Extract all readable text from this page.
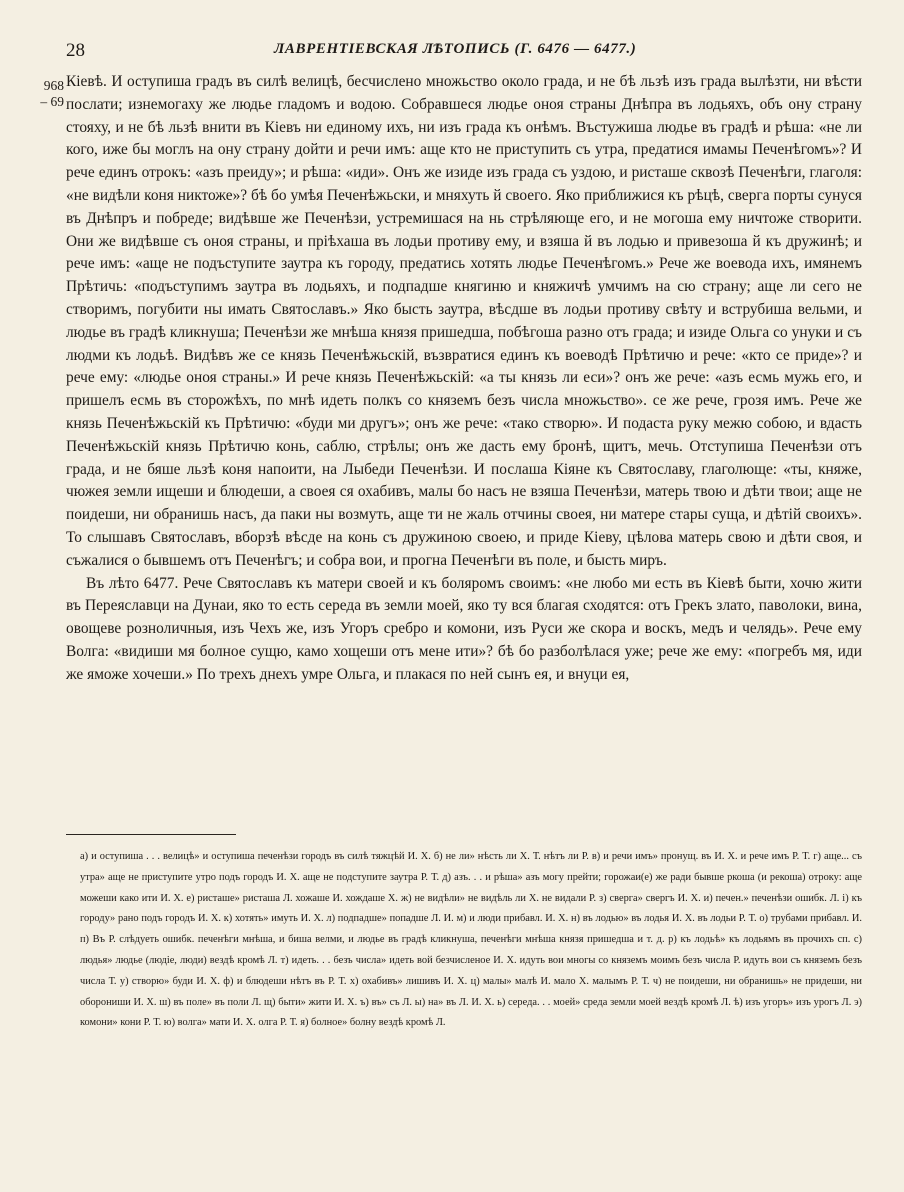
28	ЛАВРЕНТІЕВСКАЯ ЛѢТОПИСЬ (Г. 6476 — 6477.)
968
– 69

Кіевѣ. И оступиша градъ въ силѣ велицѣ, бесчислено множьство около града, и не бѣ льзѣ изъ града вылѣзти, ни вѣсти послати; изнемогаху же людье гладомъ и водою. Собравшеся людье оноя страны Днѣпра въ лодьяхъ, объ ону страну стояху, и не бѣ льзѣ внити въ Кіевъ ни единому ихъ, ни изъ града къ онѣмъ. Въстужиша людье въ градѣ и рѣша: «не ли кого, иже бы моглъ на ону страну дойти и речи имъ: аще кто не приступить съ утра, предатися имамы Печенѣгомъ»? И рече единъ отрокъ: «азъ преиду»; и рѣша: «иди». Онъ же изиде изъ града съ уздою, и ристаше сквозѣ Печенѣги, глаголя: «не видѣли коня никтоже»? бѣ бо умѣя Печенѣжьски, и мняхуть й своего. Яко приближися къ рѣцѣ, сверга порты сунуся въ Днѣпръ и побреде; видѣвше же Печенѣзи, устремишася на нь стрѣляюще его, и не могоша ему ничтоже створити. Они же видѣвше съ оноя страны, и пріѣхаша въ лодьи противу ему, и взяша й въ лодью и привезоша й къ дружинѣ; и рече имъ: «аще не подъступите заутра къ городу, предатись хотять людье Печенѣгомъ.» Рече же воевода ихъ, имянемъ Прѣтичь: «подъступимъ заутра въ лодьяхъ, и подпадше княгиню и княжичѣ умчимъ на сю страну; аще ли сего не створимъ, погубити ны имать Святославъ.» Яко бысть заутра, вѣсдше въ лодьи противу свѣту и вструбиша вельми, и людье въ градѣ кликнуша; Печенѣзи же мнѣша князя пришедша, побѣгоша разно отъ града; и изиде Ольга со унуки и съ людми къ лодьѣ. Видѣвъ же се князь Печенѣжьскій, възвратися единъ къ воеводѣ Прѣтичю и рече: «кто се приде»? и рече ему: «людье оноя страны.» И рече князь Печенѣжьскій: «а ты князь ли еси»? онъ же рече: «азъ есмь мужь его, и пришелъ есмь въ сторожѣхъ, по мнѣ идеть полкъ со княземъ безъ числа множьство». се же рече, грозя имъ. Рече же князь Печенѣжьскій къ Прѣтичю: «буди ми другъ»; онъ же рече: «тако створю». И подаста руку межю собою, и вдасть Печенѣжьскій князь Прѣтичю конь, саблю, стрѣлы; онъ же дасть ему бронѣ, щитъ, мечь. Отступиша Печенѣзи отъ града, и не бяше льзѣ коня напоити, на Лыбеди Печенѣзи. И послаша Кіяне къ Святославу, глаголюще: «ты, княже, чюжея земли ищеши и блюдеши, а своея ся охабивъ, малы бо насъ не взяша Печенѣзи, матерь твою и дѣти твои; аще не поидеши, ни обранишь насъ, да паки ны возмуть, аще ти не жаль отчины своея, ни матере стары суща, и дѣтій своихъ». То слышавъ Святославъ, вборзѣ вѣсде на конь съ дружиною своею, и приде Кіеву, цѣлова матерь свою и дѣти своя, и съжалися о бывшемъ отъ Печенѣгъ; и собра вои, и прогна Печенѣги въ поле, и бысть миръ.

Въ лѣто 6477. Рече Святославъ къ матери своей и къ боляромъ своимъ: «не любо ми есть въ Кіевѣ быти, хочю жити въ Переяславци на Дунаи, яко то есть середа въ земли моей, яко ту вся благая сходятся: отъ Грекъ злато, паволоки, вина, овощеве розноличныя, изъ Чехъ же, изъ Угоръ сребро и комони, изъ Руси же скора и воскъ, медъ и челядь». Рече ему Волга: «видиши мя болное сущю, камо хощеши отъ мене ити»? бѣ бо разболѣлася уже; рече же ему: «погребъ мя, иди же яможе хочеши.» По трехъ днехъ умре Ольга, и плакася по ней сынъ ея, и внуци ея,

а) и оступиша . . . велицѣ» и оступиша печенѣзи городъ въ силѣ тяжцѣй И. Х. б) не ли» нѣсть ли Х. Т. нѣтъ ли Р. в) и речи имъ» пронущ. въ И. Х. и рече имъ Р. Т. г) аще... съ утра» аще не приступите утро подъ городъ И. Х. аще не подступите заутра Р. Т. д) азъ. . . и рѣша» азъ могу прейти; горожаи(е) же ради бывше ркоша (и рекоша) отроку: аще можеши како ити И. Х. е) ристаше» ристаша Л. хожаше И. хождаше Х. ж) не видѣли» не видѣль ли Х. не видали Р. з) сверга» свергъ И. Х. и) печен.» печенѣзи ошибк. Л. і) къ городу» рано подъ городъ И. Х. к) хотять» имуть И. Х. л) подпадше» попадше Л. И. м) и люди прибавл. И. Х. н) въ лодью» въ лодья И. Х. въ лодьи Р. Т. о) трубами прибавл. И. п) Въ Р. слѣдуеть ошибк. печенѣги мнѣша, и биша велми, и людье въ градѣ кликнуша, печенѣги мнѣша князя пришедша и т. д. р) къ лодьѣ» къ лодьямъ въ прочихъ сп. с) людья» людье (людіе, люди) вездѣ кромѣ Л. т) идеть. . . безъ числа» идеть вой безчисленое И. Х. идуть вои многы со княземъ моимъ безъ числа Р. идуть вои съ княземъ безъ числа Т. у) створю» буди И. Х. ф) и блюдеши нѣтъ въ Р. Т. х) охабивъ» лишивъ И. Х. ц) малы» малѣ И. мало Х. малымъ Р. Т. ч) не поидеши, ни обранишь» не придеши, ни оборониши И. Х. ш) въ поле» въ поли Л. щ) быти» жити И. Х. ъ) въ» съ Л. ы) на» въ Л. И. Х. ь) середа. . . моей» среда земли моей вездѣ кромѣ Л. ѣ) изъ угоръ» изъ урогъ Л. э) комони» кони Р. Т. ю) волга» мати И. Х. олга Р. Т. я) болное» болну вездѣ кромѣ Л.
